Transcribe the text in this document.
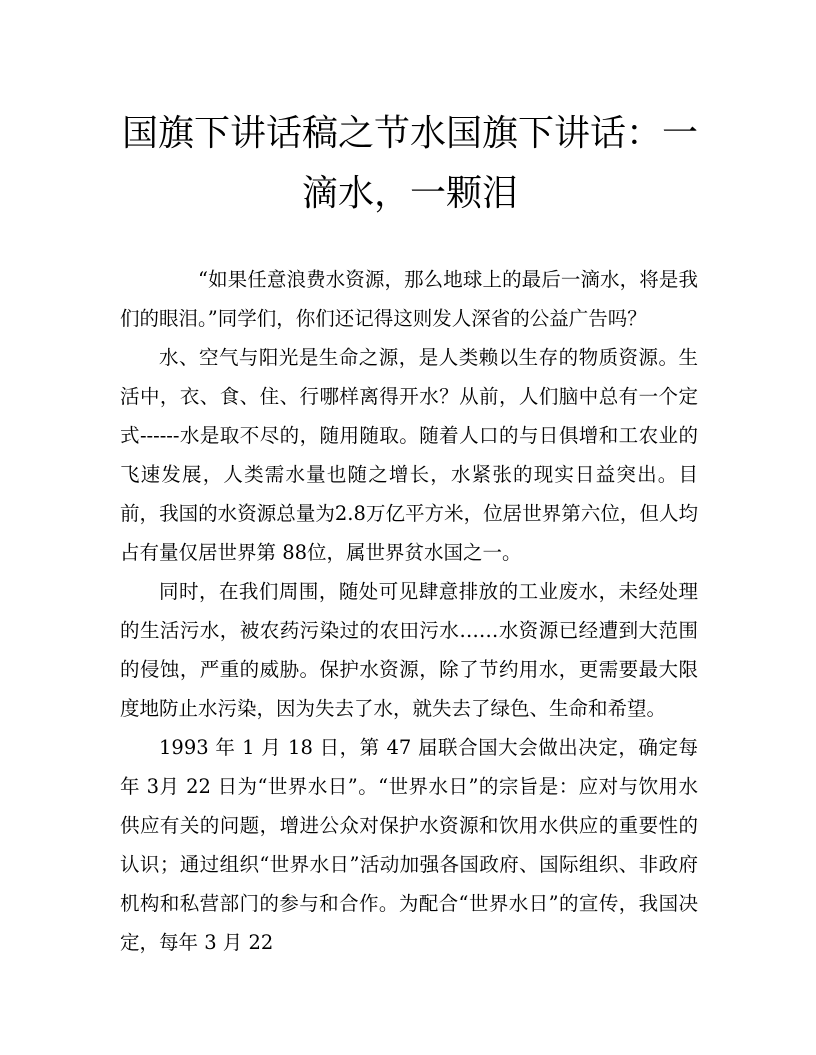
国旗下讲话稿之节水国旗下讲话：一滴水，一颗泪

“如果任意浪费水资源，那么地球上的最后一滴水，将是我们的眼泪。”同学们，你们还记得这则发人深省的公益广告吗？

水、空气与阳光是生命之源，是人类赖以生存的物质资源。生活中，衣、食、住、行哪样离得开水？从前，人们脑中总有一个定式------水是取不尽的，随用随取。随着人口的与日俱增和工农业的飞速发展，人类需水量也随之增长，水紧张的现实日益突出。目前，我国的水资源总量为2.8万亿平方米，位居世界第六位，但人均占有量仅居世界第 88位，属世界贫水国之一。

同时，在我们周围，随处可见肆意排放的工业废水，未经处理的生活污水，被农药污染过的农田污水……水资源已经遭到大范围的侵蚀，严重的威胁。保护水资源，除了节约用水，更需要最大限度地防止水污染，因为失去了水，就失去了绿色、生命和希望。

1993 年 1 月 18 日，第 47 届联合国大会做出决定，确定每年 3月 22 日为“世界水日”。“世界水日”的宗旨是：应对与饮用水供应有关的问题，增进公众对保护水资源和饮用水供应的重要性的认识；通过组织“世界水日”活动加强各国政府、国际组织、非政府机构和私营部门的参与和合作。为配合“世界水日”的宣传，我国决定，每年 3 月 22
